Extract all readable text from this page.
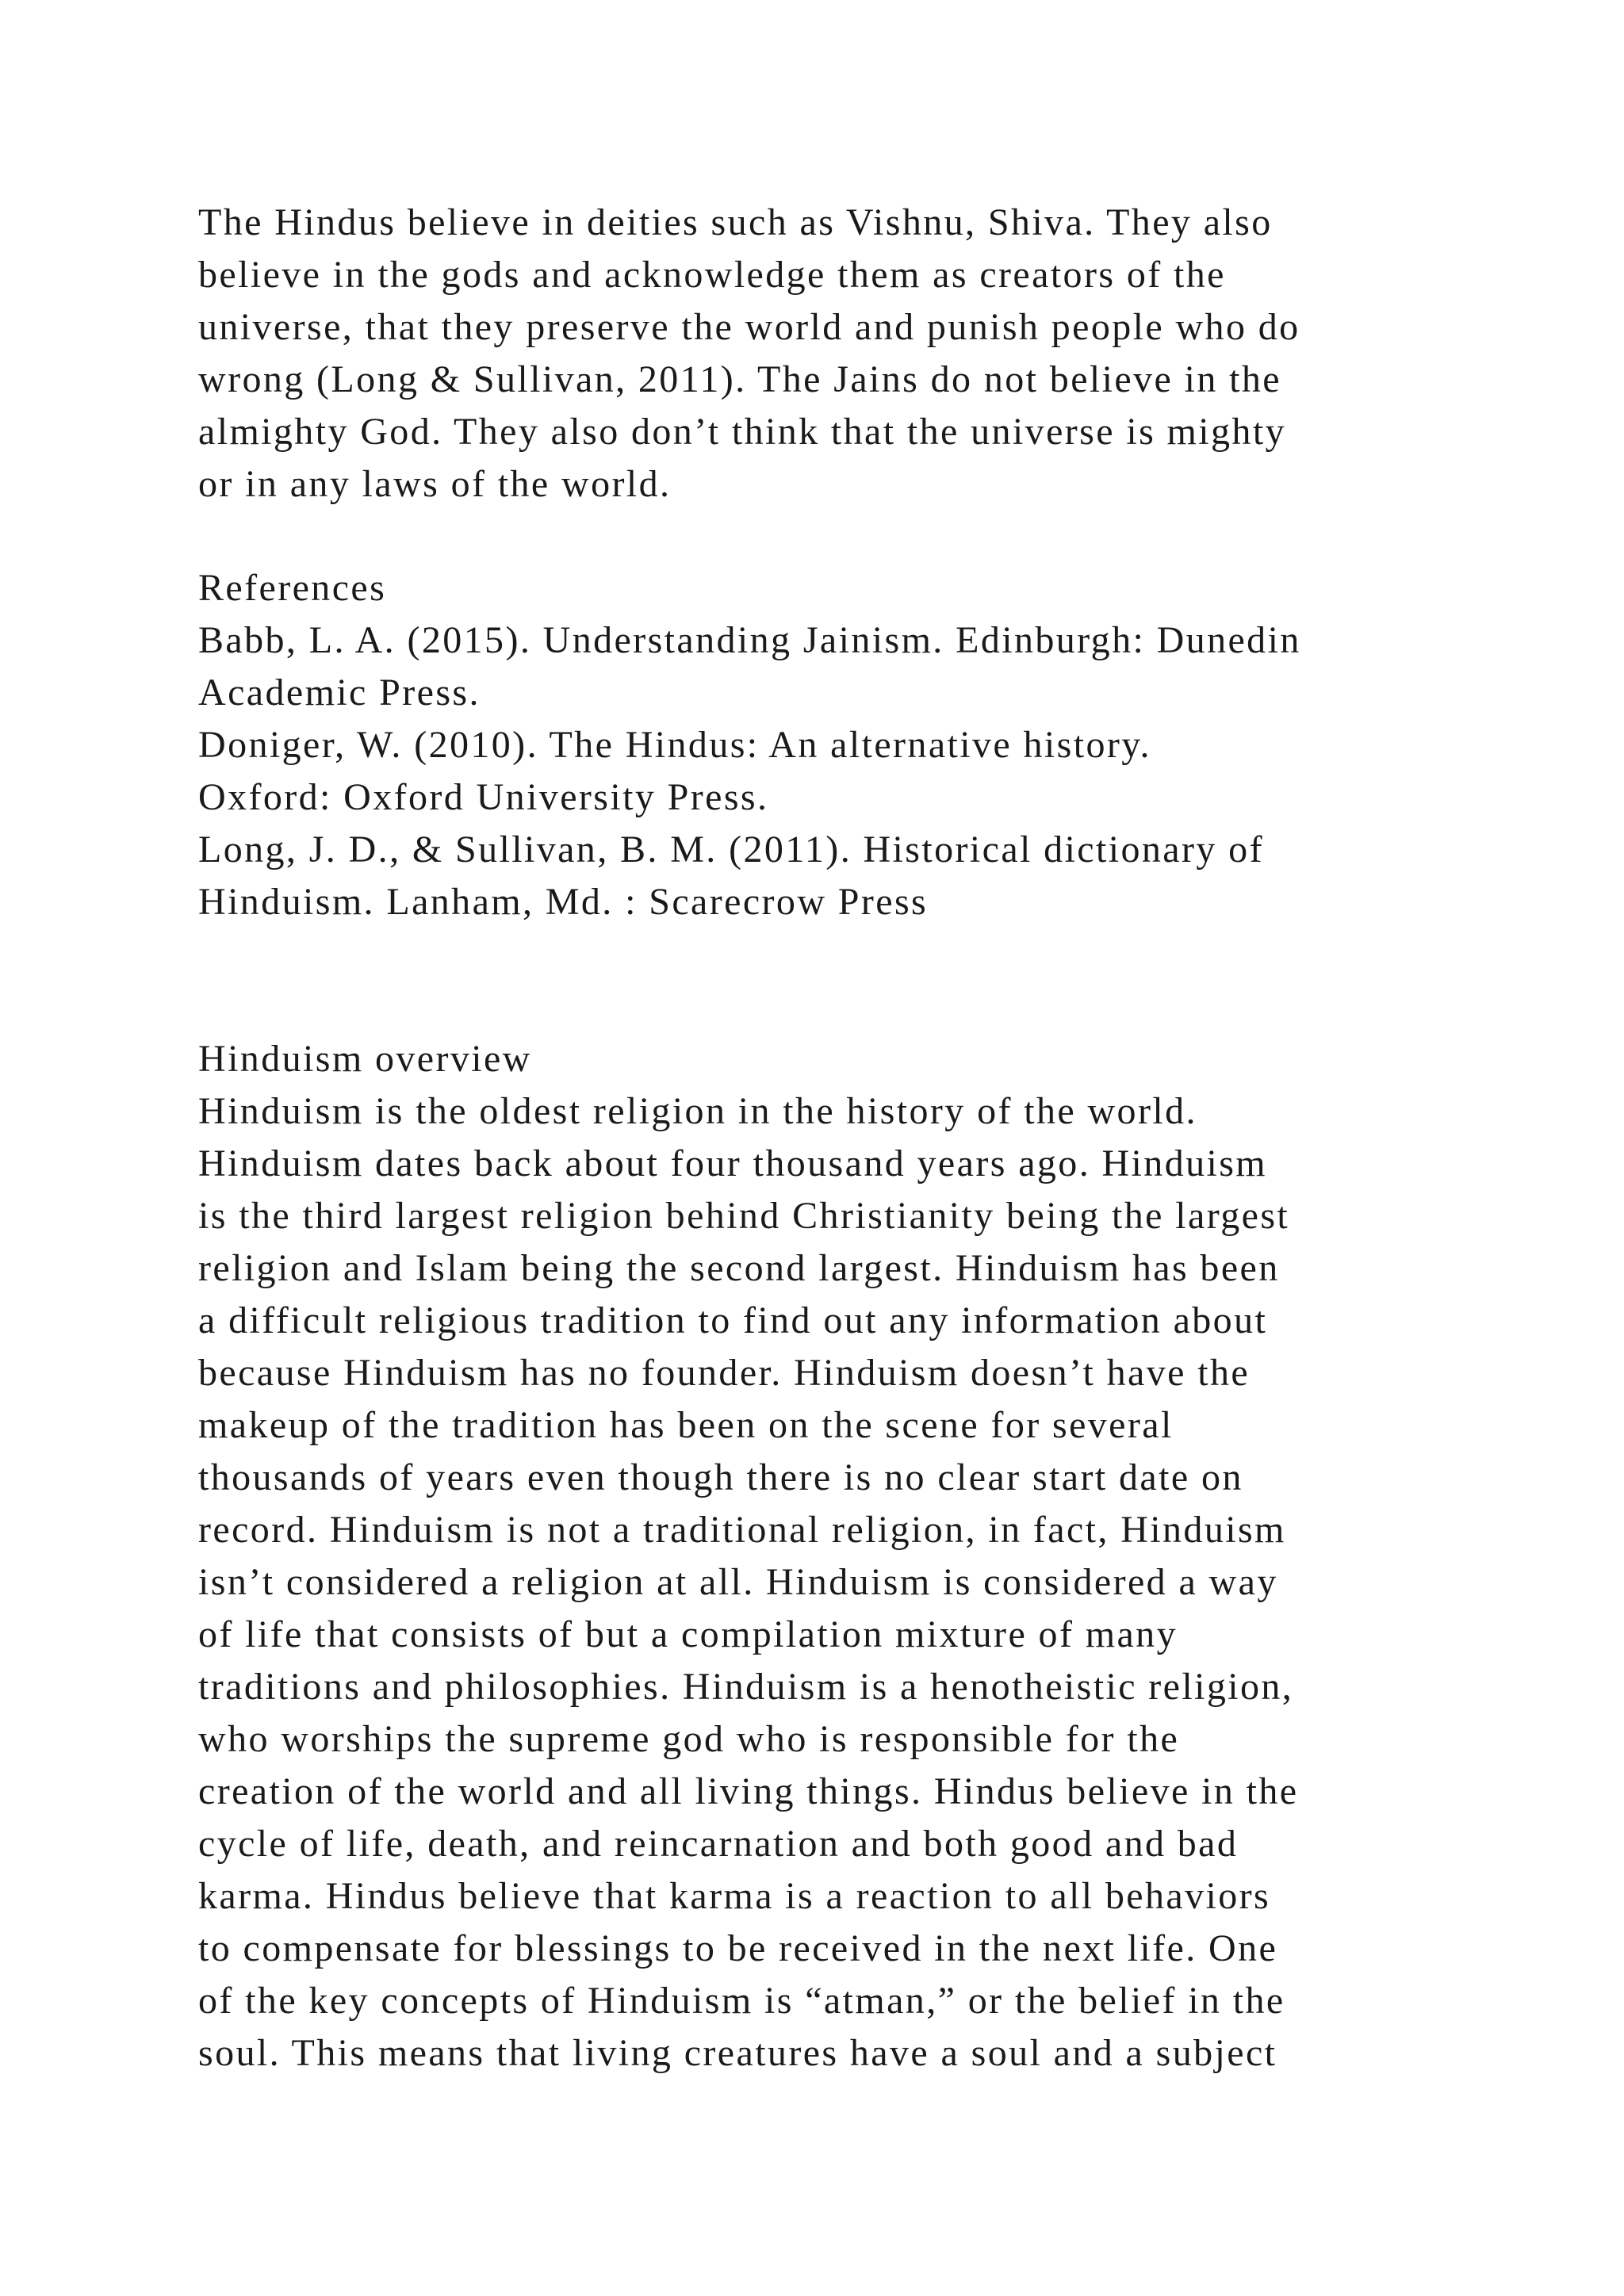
The Hindus believe in deities such as Vishnu, Shiva. They also
believe in the gods and acknowledge them as creators of the
universe, that they preserve the world and punish people who do
wrong (Long & Sullivan, 2011). The Jains do not believe in the
almighty God. They also don’t think that the universe is mighty
or in any laws of the world.
References
Babb, L. A. (2015). Understanding Jainism. Edinburgh: Dunedin
Academic Press.
Doniger, W. (2010). The Hindus: An alternative history.
Oxford: Oxford University Press.
Long, J. D., & Sullivan, B. M. (2011). Historical dictionary of
Hinduism. Lanham, Md. : Scarecrow Press
Hinduism overview
Hinduism is the oldest religion in the history of the world.
Hinduism dates back about four thousand years ago. Hinduism
is the third largest religion behind Christianity being the largest
religion and Islam being the second largest. Hinduism has been
a difficult religious tradition to find out any information about
because Hinduism has no founder. Hinduism doesn’t have the
makeup of the tradition has been on the scene for several
thousands of years even though there is no clear start date on
record. Hinduism is not a traditional religion, in fact, Hinduism
isn’t considered a religion at all. Hinduism is considered a way
of life that consists of but a compilation mixture of many
traditions and philosophies. Hinduism is a henotheistic religion,
who worships the supreme god who is responsible for the
creation of the world and all living things. Hindus believe in the
cycle of life, death, and reincarnation and both good and bad
karma. Hindus believe that karma is a reaction to all behaviors
to compensate for blessings to be received in the next life. One
of the key concepts of Hinduism is “atman,” or the belief in the
soul. This means that living creatures have a soul and a subject
